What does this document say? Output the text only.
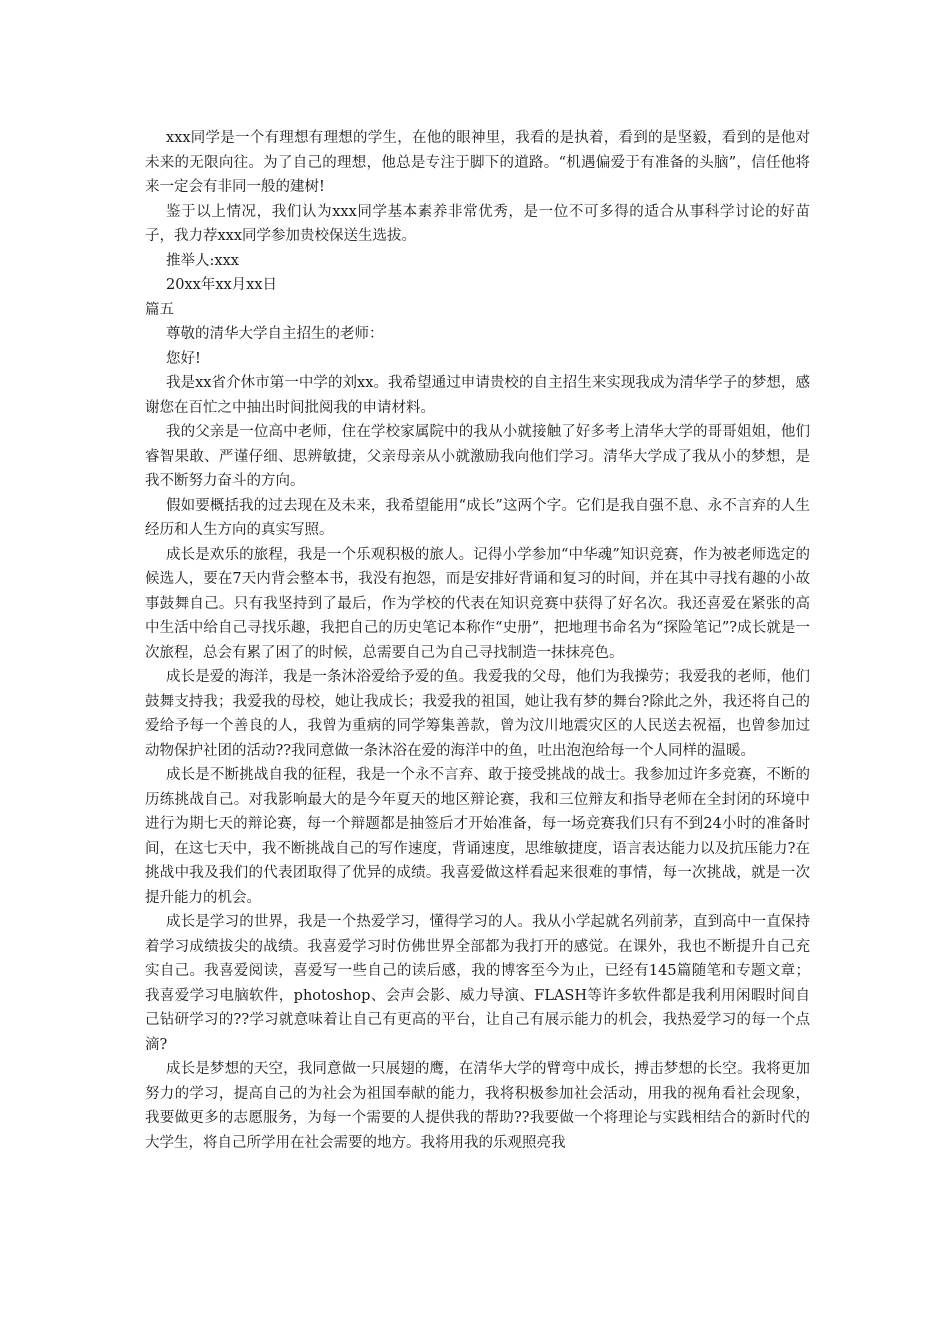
xxx同学是一个有理想有理想的学生，在他的眼神里，我看的是执着，看到的是坚毅，看到的是他对未来的无限向往。为了自己的理想，他总是专注于脚下的道路。“机遇偏爱于有准备的头脑”，信任他将来一定会有非同一般的建树!

鉴于以上情况，我们认为xxx同学基本素养非常优秀，是一位不可多得的适合从事科学讨论的好苗子，我力荐xxx同学参加贵校保送生选拔。

推举人:xxx

20xx年xx月xx日

篇五

尊敬的清华大学自主招生的老师：

您好!

我是xx省介休市第一中学的刘xx。我希望通过申请贵校的自主招生来实现我成为清华学子的梦想，感谢您在百忙之中抽出时间批阅我的申请材料。

我的父亲是一位高中老师，住在学校家属院中的我从小就接触了好多考上清华大学的哥哥姐姐，他们睿智果敢、严谨仔细、思辨敏捷，父亲母亲从小就激励我向他们学习。清华大学成了我从小的梦想，是我不断努力奋斗的方向。

假如要概括我的过去现在及未来，我希望能用“成长”这两个字。它们是我自强不息、永不言弃的人生经历和人生方向的真实写照。

成长是欢乐的旅程，我是一个乐观积极的旅人。记得小学参加“中华魂”知识竞赛，作为被老师选定的候选人，要在7天内背会整本书，我没有抱怨，而是安排好背诵和复习的时间，并在其中寻找有趣的小故事鼓舞自己。只有我坚持到了最后，作为学校的代表在知识竞赛中获得了好名次。我还喜爱在紧张的高中生活中给自己寻找乐趣，我把自己的历史笔记本称作“史册”，把地理书命名为“探险笔记”?成长就是一次旅程，总会有累了困了的时候，总需要自己为自己寻找制造一抹抹亮色。

成长是爱的海洋，我是一条沐浴爱给予爱的鱼。我爱我的父母，他们为我操劳；我爱我的老师，他们鼓舞支持我；我爱我的母校，她让我成长；我爱我的祖国，她让我有梦的舞台?除此之外，我还将自己的爱给予每一个善良的人，我曾为重病的同学筹集善款，曾为汶川地震灾区的人民送去祝福，也曾参加过动物保护社团的活动??我同意做一条沐浴在爱的海洋中的鱼，吐出泡泡给每一个人同样的温暖。

成长是不断挑战自我的征程，我是一个永不言弃、敢于接受挑战的战士。我参加过许多竞赛，不断的历练挑战自己。对我影响最大的是今年夏天的地区辩论赛，我和三位辩友和指导老师在全封闭的环境中进行为期七天的辩论赛，每一个辩题都是抽签后才开始准备，每一场竞赛我们只有不到24小时的准备时间，在这七天中，我不断挑战自己的写作速度，背诵速度，思维敏捷度，语言表达能力以及抗压能力?在挑战中我及我们的代表团取得了优异的成绩。我喜爱做这样看起来很难的事情，每一次挑战，就是一次提升能力的机会。

成长是学习的世界，我是一个热爱学习，懂得学习的人。我从小学起就名列前茅，直到高中一直保持着学习成绩拔尖的战绩。我喜爱学习时仿佛世界全部都为我打开的感觉。在课外，我也不断提升自己充实自己。我喜爱阅读，喜爱写一些自己的读后感，我的博客至今为止，已经有145篇随笔和专题文章；我喜爱学习电脑软件，photoshop、会声会影、威力导演、FLASH等许多软件都是我利用闲暇时间自己钻研学习的??学习就意味着让自己有更高的平台，让自己有展示能力的机会，我热爱学习的每一个点滴?

成长是梦想的天空，我同意做一只展翅的鹰，在清华大学的臂弯中成长，搏击梦想的长空。我将更加努力的学习，提高自己的为社会为祖国奉献的能力，我将积极参加社会活动，用我的视角看社会现象，我要做更多的志愿服务，为每一个需要的人提供我的帮助??我要做一个将理论与实践相结合的新时代的大学生，将自己所学用在社会需要的地方。我将用我的乐观照亮我
